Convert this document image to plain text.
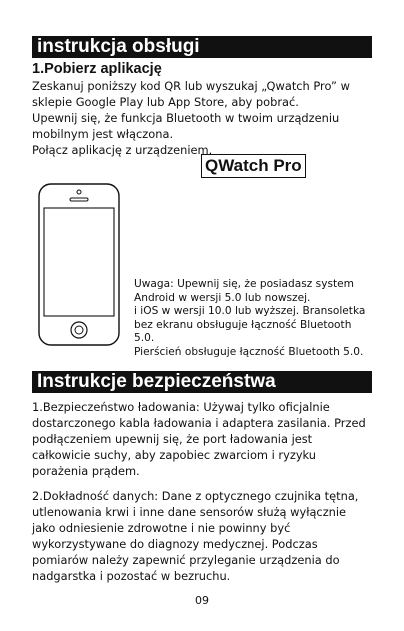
instrukcja obsługi
1.Pobierz aplikację
Zeskanuj poniższy kod QR lub wyszukaj „Qwatch Pro” w
sklepie Google Play lub App Store, aby pobrać.
Upewnij się, że funkcja Bluetooth w twoim urządzeniu
mobilnym jest włączona.
Połącz aplikację z urządzeniem.
QWatch Pro
Uwaga: Upewnij się, że posiadasz system
Android w wersji 5.0 lub nowszej.
i iOS w wersji 10.0 lub wyższej. Bransoletka
bez ekranu obsługuje łączność Bluetooth
5.0.
Pierścień obsługuje łączność Bluetooth 5.0.
Instrukcje bezpieczeństwa
1.Bezpieczeństwo ładowania: Używaj tylko oficjalnie
dostarczonego kabla ładowania i adaptera zasilania. Przed
podłączeniem upewnij się, że port ładowania jest
całkowicie suchy, aby zapobiec zwarciom i ryzyku
porażenia prądem.
2.Dokładność danych: Dane z optycznego czujnika tętna,
utlenowania krwi i inne dane sensorów służą wyłącznie
jako odniesienie zdrowotne i nie powinny być
wykorzystywane do diagnozy medycznej. Podczas
pomiarów należy zapewnić przyleganie urządzenia do
nadgarstka i pozostać w bezruchu.
09
